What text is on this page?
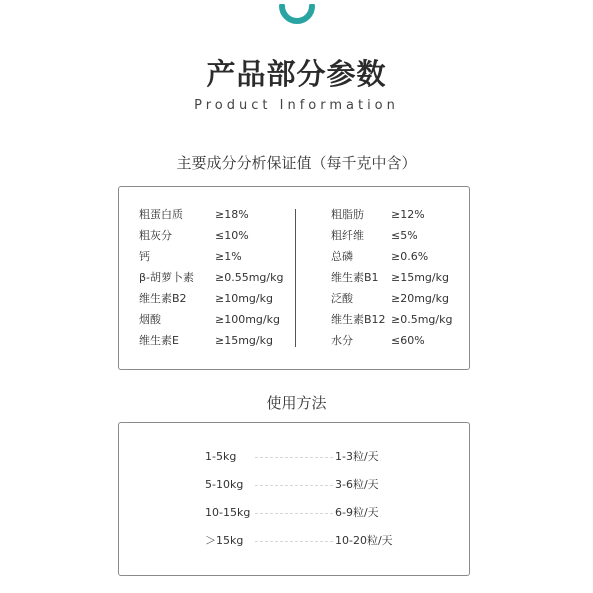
产品部分参数
Product Information
主要成分分析保证值（每千克中含）
粗蛋白质	≥18%
粗灰分	≤10%
钙	≥1%
β-胡萝卜素 ≥0.55mg/kg
维生素B2	≥10mg/kg
烟酸	≥100mg/kg
维生素E	≥15mg/kg
粗脂肪 ≥12%
粗纤维 ≤5%
总磷	≥0.6%
维生素B1 ≥15mg/kg
泛酸	≥20mg/kg
维生素B12 ≥0.5mg/kg
水分	≤60%
使用方法
1-5kg	1-3粒/天
5-10kg	3-6粒/天
10-15kg	6-9粒/天
＞15kg	10-20粒/天
